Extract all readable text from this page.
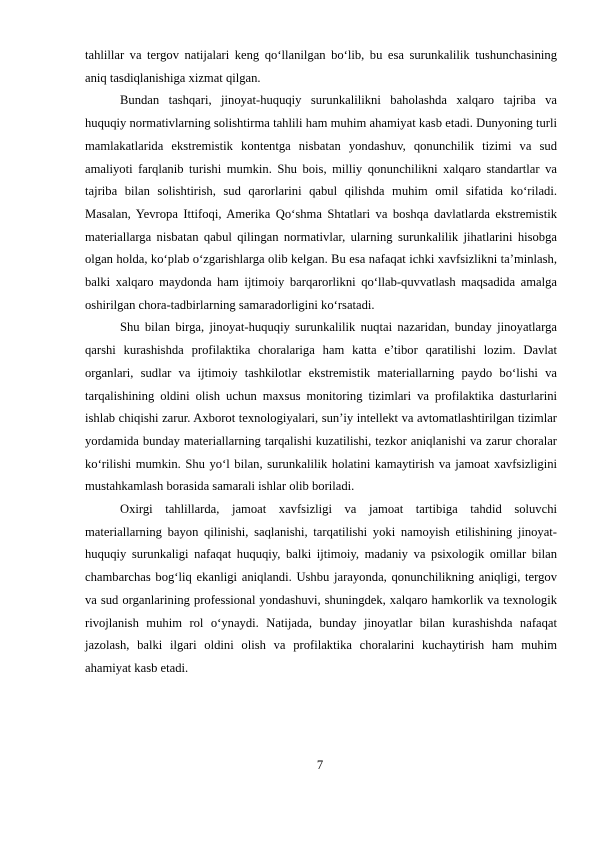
tahlillar va tergov natijalari keng qo‘llanilgan bo‘lib, bu esa surunkalilik tushunchasining aniq tasdiqlanishiga xizmat qilgan.

Bundan tashqari, jinoyat-huquqiy surunkalilikni baholashda xalqaro tajriba va huquqiy normativlarning solishtirma tahlili ham muhim ahamiyat kasb etadi. Dunyoning turli mamlakatlarida ekstremistik kontentga nisbatan yondashuv, qonunchilik tizimi va sud amaliyoti farqlanib turishi mumkin. Shu bois, milliy qonunchilikni xalqaro standartlar va tajriba bilan solishtirish, sud qarorlarini qabul qilishda muhim omil sifatida ko‘riladi. Masalan, Yevropa Ittifoqi, Amerika Qo‘shma Shtatlari va boshqa davlatlarda ekstremistik materiallarga nisbatan qabul qilingan normativlar, ularning surunkalilik jihatlarini hisobga olgan holda, ko‘plab o‘zgarishlarga olib kelgan. Bu esa nafaqat ichki xavfsizlikni ta’minlash, balki xalqaro maydonda ham ijtimoiy barqarorlikni qo‘llab-quvvatlash maqsadida amalga oshirilgan chora-tadbirlarning samaradorligini ko‘rsatadi.

Shu bilan birga, jinoyat-huquqiy surunkalilik nuqtai nazaridan, bunday jinoyatlarga qarshi kurashishda profilaktika choralariga ham katta e’tibor qaratilishi lozim. Davlat organlari, sudlar va ijtimoiy tashkilotlar ekstremistik materiallarning paydo bo‘lishi va tarqalishining oldini olish uchun maxsus monitoring tizimlari va profilaktika dasturlarini ishlab chiqishi zarur. Axborot texnologiyalari, sun’iy intellekt va avtomatlashtirilgan tizimlar yordamida bunday materiallarning tarqalishi kuzatilishi, tezkor aniqlanishi va zarur choralar ko‘rilishi mumkin. Shu yo‘l bilan, surunkalilik holatini kamaytirish va jamoat xavfsizligini mustahkamlash borasida samarali ishlar olib boriladi.

Oxirgi tahlillarda, jamoat xavfsizligi va jamoat tartibiga tahdid soluvchi materiallarning bayon qilinishi, saqlanishi, tarqatilishi yoki namoyish etilishining jinoyat-huquqiy surunkaligi nafaqat huquqiy, balki ijtimoiy, madaniy va psixologik omillar bilan chambarchas bog‘liq ekanligi aniqlandi. Ushbu jarayonda, qonunchilikning aniqligi, tergov va sud organlarining professional yondashuvi, shuningdek, xalqaro hamkorlik va texnologik rivojlanish muhim rol o‘ynaydi. Natijada, bunday jinoyatlar bilan kurashishda nafaqat jazolash, balki ilgari oldini olish va profilaktika choralarini kuchaytirish ham muhim ahamiyat kasb etadi.

7
